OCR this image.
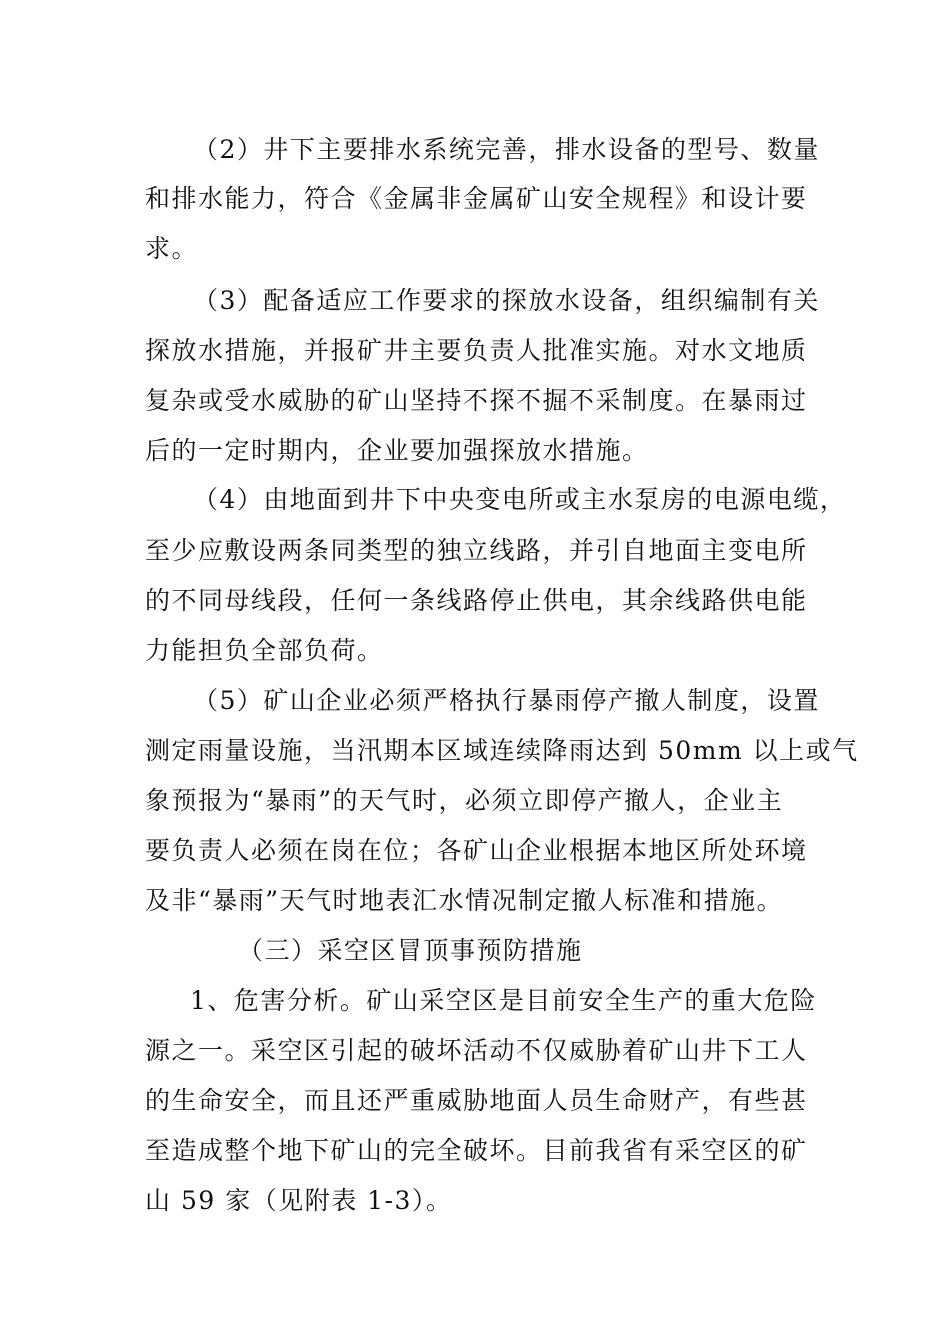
（2）井下主要排水系统完善，排水设备的型号、数量
和排水能力，符合《金属非金属矿山安全规程》和设计要
求。
（3）配备适应工作要求的探放水设备，组织编制有关
探放水措施，并报矿井主要负责人批准实施。对水文地质
复杂或受水威胁的矿山坚持不探不掘不采制度。在暴雨过
后的一定时期内，企业要加强探放水措施。
（4）由地面到井下中央变电所或主水泵房的电源电缆，
至少应敷设两条同类型的独立线路，并引自地面主变电所
的不同母线段，任何一条线路停止供电，其余线路供电能
力能担负全部负荷。
（5）矿山企业必须严格执行暴雨停产撤人制度，设置
测定雨量设施，当汛期本区域连续降雨达到 50mm 以上或气
象预报为“暴雨”的天气时，必须立即停产撤人，企业主
要负责人必须在岗在位；各矿山企业根据本地区所处环境
及非“暴雨”天气时地表汇水情况制定撤人标准和措施。
（三）采空区冒顶事预防措施
1、危害分析。矿山采空区是目前安全生产的重大危险
源之一。采空区引起的破坏活动不仅威胁着矿山井下工人
的生命安全，而且还严重威胁地面人员生命财产，有些甚
至造成整个地下矿山的完全破坏。目前我省有采空区的矿
山 59 家（见附表 1-3）。
